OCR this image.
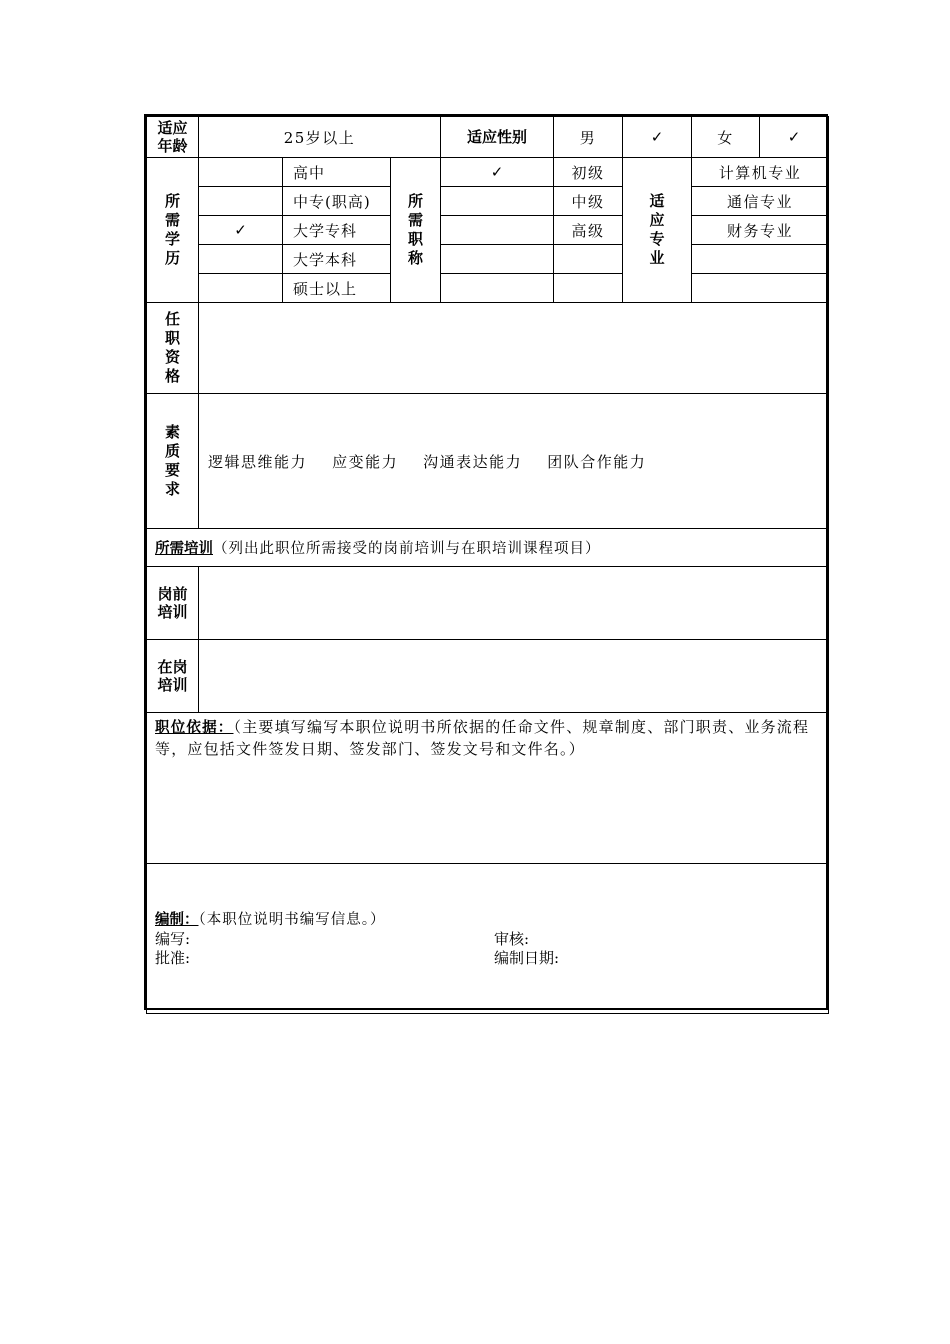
适应年龄	25岁以上			适应性别	男	✓	女	✓
所需学历		高中	所需职称	✓	初级	适应专业	计算机专业	
		中专(职高)			中级		通信专业	
	✓	大学专科			高级		财务专业	
		大学本科						
		硕士以上						
任职资格								
素质要求	逻辑思维能力    应变能力    沟通表达能力    团队合作能力							
所需培训（列出此职位所需接受的岗前培训与在职培训课程项目）								
岗前培训								
在岗培训								
职位依据：（主要填写编写本职位说明书所依据的任命文件、规章制度、部门职责、业务流程等，应包括文件签发日期、签发部门、签发文号和文件名。）								

编制：（本职位说明书编写信息。）
编写: 审核:
批准: 编制日期:								
